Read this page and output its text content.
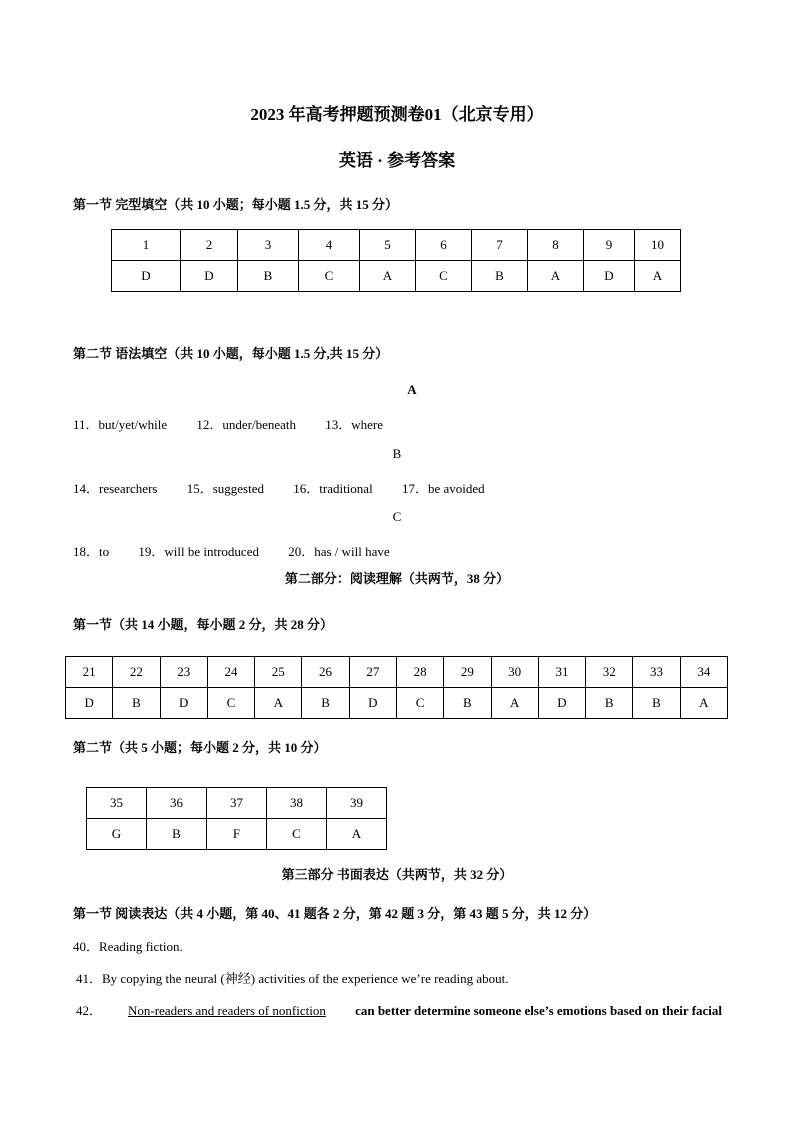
2023 年高考押题预测卷01（北京专用）
英语 · 参考答案
第一节 完型填空（共 10 小题；每小题 1.5 分，共 15 分）
1	2	3	4	5	6	7	8	9	10
D	D	B	C	A	C	B	A	D	A
第二节 语法填空（共 10 小题，每小题 1.5 分,共 15 分）
A
11．but/yet/while 12．under/beneath 13．where
B
14．researchers 15．suggested 16．traditional 17．be avoided
C
18．to 19．will be introduced 20．has / will have
第二部分：阅读理解（共两节，38 分）
第一节（共 14 小题，每小题 2 分，共 28 分）
21	22	23	24	25	26	27	28	29	30	31	32	33	34
D	B	D	C	A	B	D	C	B	A	D	B	B	A
第二节（共 5 小题；每小题 2 分，共 10 分）
35	36	37	38	39
G	B	F	C	A
第三部分 书面表达（共两节，共 32 分）
第一节 阅读表达（共 4 小题，第 40、41 题各 2 分，第 42 题 3 分，第 43 题 5 分，共 12 分）
40．Reading fiction.
41．By copying the neural (神经) activities of the experience we’re reading about.
42． Non-readers and readers of nonfiction can better determine someone else’s emotions based on their facial
